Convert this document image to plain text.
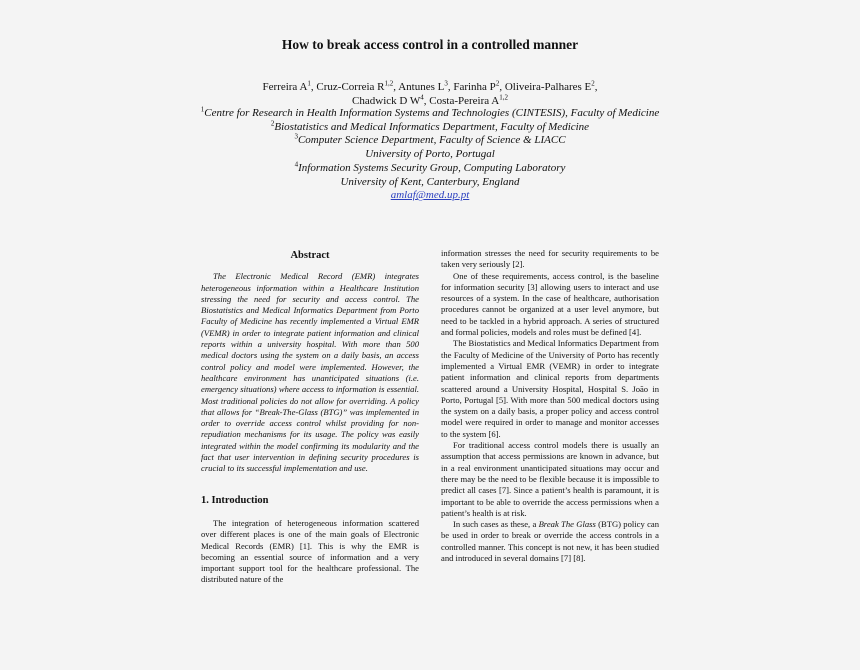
How to break access control in a controlled manner
Ferreira $A^1$, Cruz-Correia R$^{1,2}$, Antunes $L^3$, Farinha $P^2$, Oliveira-Palhares $E^2$,
Chadwick D $W^4$, Costa-Pereira A$^{1,2}$
$^1$Centre for Research in Health Information Systems and Technologies (CINTESIS), Faculty of Medicine
$^2$Biostatistics and Medical Informatics Department, Faculty of Medicine
$^3$Computer Science Department, Faculty of Science & LIACC
University of Porto, Portugal
$^4$Information Systems Security Group, Computing Laboratory
University of Kent, Canterbury, England
amlaf@med.up.pt
Abstract

The Electronic Medical Record (EMR) integrates heterogeneous information within a Healthcare Institution stressing the need for security and access control. The Biostatistics and Medical Informatics Department from Porto Faculty of Medicine has recently implemented a Virtual EMR (VEMR) in order to integrate patient information and clinical reports within a university hospital. With more than 500 medical doctors using the system on a daily basis, an access control policy and model were implemented. However, the healthcare environment has unanticipated situations (i.e. emergency situations) where access to information is essential. Most traditional policies do not allow for overriding. A policy that allows for “Break-The-Glass (BTG)” was implemented in order to override access control whilst providing for non-repudiation mechanisms for its usage. The policy was easily integrated within the model confirming its modularity and the fact that user intervention in defining security procedures is crucial to its successful implementation and use.

1. Introduction

The integration of heterogeneous information scattered over different places is one of the main goals of Electronic Medical Records (EMR) [1]. This is why the EMR is becoming an essential source of information and a very important support tool for the healthcare professional. The distributed nature of the

information stresses the need for security requirements to be taken very seriously [2].

One of these requirements, access control, is the baseline for information security [3] allowing users to interact and use resources of a system. In the case of healthcare, authorisation procedures cannot be organized at a user level anymore, but need to be tackled in a hybrid approach. A series of structured and formal policies, models and roles must be defined [4].

The Biostatistics and Medical Informatics Department from the Faculty of Medicine of the University of Porto has recently implemented a Virtual EMR (VEMR) in order to integrate patient information and clinical reports from departments scattered around a University Hospital, Hospital S. João in Porto, Portugal [5]. With more than 500 medical doctors using the system on a daily basis, a proper policy and access control model were required in order to manage and monitor accesses to the system [6].

For traditional access control models there is usually an assumption that access permissions are known in advance, but in a real environment unanticipated situations may occur and there may be the need to be flexible because it is impossible to predict all cases [7]. Since a patient’s health is paramount, it is important to be able to override the access permissions when a patient’s health is at risk.

In such cases as these, a Break The Glass (BTG) policy can be used in order to break or override the access controls in a controlled manner. This concept is not new, it has been studied and introduced in several domains [7] [8].
